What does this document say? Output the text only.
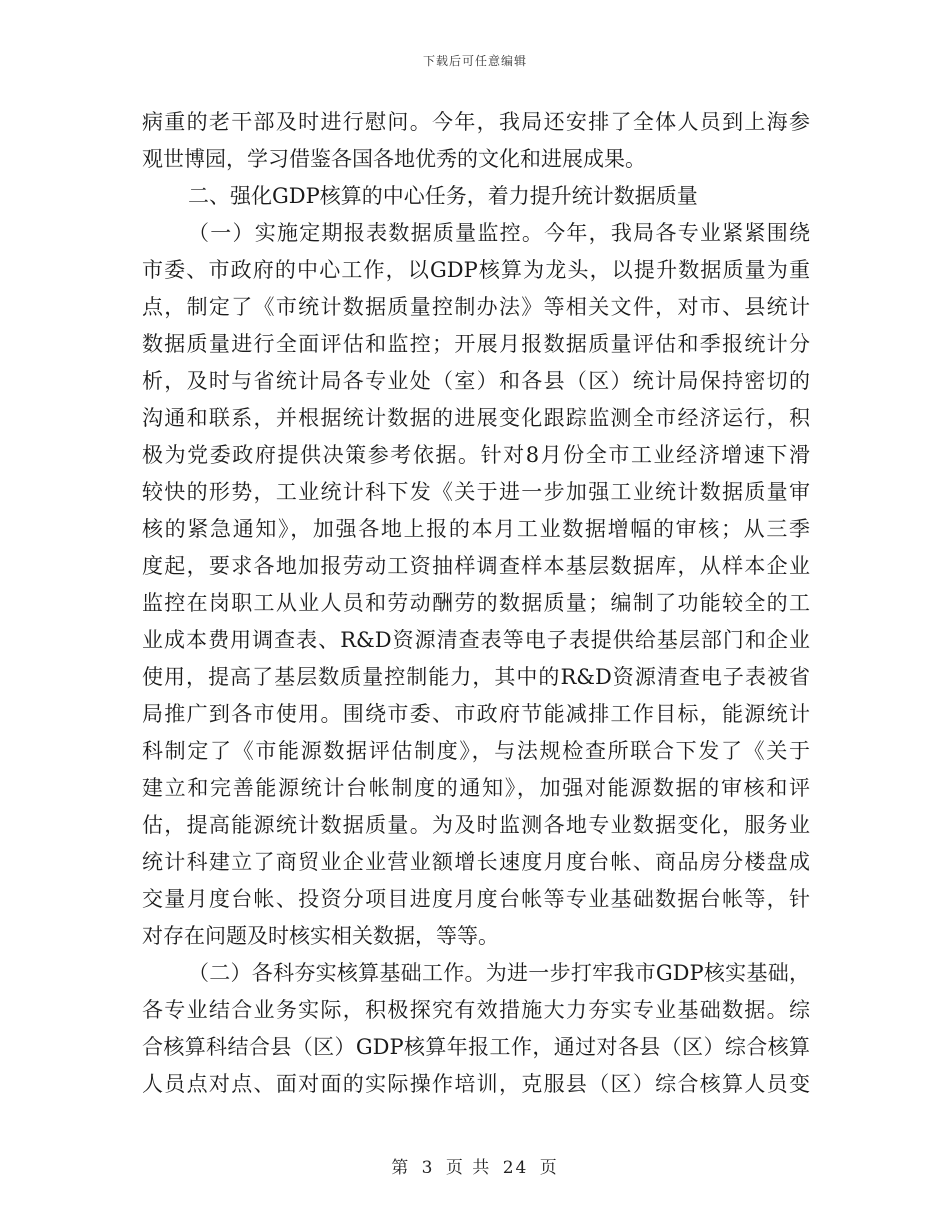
下载后可任意编辑
病重的老干部及时进行慰问。今年，我局还安排了全体人员到上海参
观世博园，学习借鉴各国各地优秀的文化和进展成果。
二、强化GDP核算的中心任务，着力提升统计数据质量
（一）实施定期报表数据质量监控。今年，我局各专业紧紧围绕
市委、市政府的中心工作，以GDP核算为龙头，以提升数据质量为重
点，制定了《市统计数据质量控制办法》等相关文件，对市、县统计
数据质量进行全面评估和监控；开展月报数据质量评估和季报统计分
析，及时与省统计局各专业处（室）和各县（区）统计局保持密切的
沟通和联系，并根据统计数据的进展变化跟踪监测全市经济运行，积
极为党委政府提供决策参考依据。针对8月份全市工业经济增速下滑
较快的形势，工业统计科下发《关于进一步加强工业统计数据质量审
核的紧急通知》，加强各地上报的本月工业数据增幅的审核；从三季
度起，要求各地加报劳动工资抽样调查样本基层数据库，从样本企业
监控在岗职工从业人员和劳动酬劳的数据质量；编制了功能较全的工
业成本费用调查表、R&D资源清查表等电子表提供给基层部门和企业
使用，提高了基层数质量控制能力，其中的R&D资源清查电子表被省
局推广到各市使用。围绕市委、市政府节能减排工作目标，能源统计
科制定了《市能源数据评估制度》，与法规检查所联合下发了《关于
建立和完善能源统计台帐制度的通知》，加强对能源数据的审核和评
估，提高能源统计数据质量。为及时监测各地专业数据变化，服务业
统计科建立了商贸业企业营业额增长速度月度台帐、商品房分楼盘成
交量月度台帐、投资分项目进度月度台帐等专业基础数据台帐等，针
对存在问题及时核实相关数据，等等。
（二）各科夯实核算基础工作。为进一步打牢我市GDP核实基础，
各专业结合业务实际，积极探究有效措施大力夯实专业基础数据。综
合核算科结合县（区）GDP核算年报工作，通过对各县（区）综合核算
人员点对点、面对面的实际操作培训，克服县（区）综合核算人员变
第 3 页 共 24 页
